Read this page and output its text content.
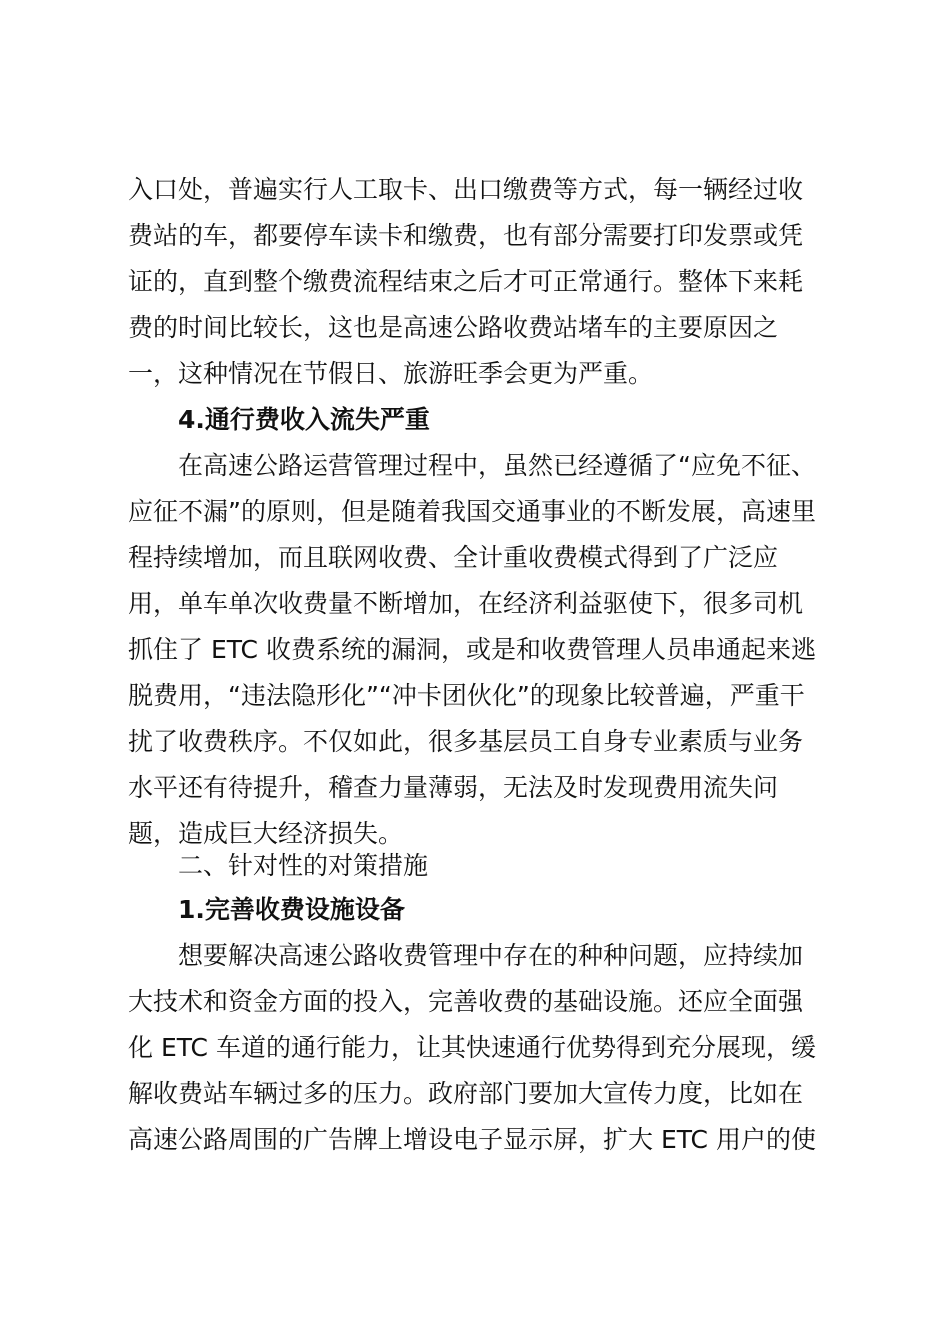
入口处，普遍实行人工取卡、出口缴费等方式，每一辆经过收
费站的车，都要停车读卡和缴费，也有部分需要打印发票或凭
证的，直到整个缴费流程结束之后才可正常通行。整体下来耗
费的时间比较长，这也是高速公路收费站堵车的主要原因之
一，这种情况在节假日、旅游旺季会更为严重。
4.通行费收入流失严重
在高速公路运营管理过程中，虽然已经遵循了“应免不征、
应征不漏”的原则，但是随着我国交通事业的不断发展，高速里
程持续增加，而且联网收费、全计重收费模式得到了广泛应
用，单车单次收费量不断增加，在经济利益驱使下，很多司机
抓住了 ETC 收费系统的漏洞，或是和收费管理人员串通起来逃
脱费用，“违法隐形化”“冲卡团伙化”的现象比较普遍，严重干
扰了收费秩序。不仅如此，很多基层员工自身专业素质与业务
水平还有待提升，稽查力量薄弱，无法及时发现费用流失问
题，造成巨大经济损失。
二、针对性的对策措施
1.完善收费设施设备
想要解决高速公路收费管理中存在的种种问题，应持续加
大技术和资金方面的投入，完善收费的基础设施。还应全面强
化 ETC 车道的通行能力，让其快速通行优势得到充分展现，缓
解收费站车辆过多的压力。政府部门要加大宣传力度，比如在
高速公路周围的广告牌上增设电子显示屏，扩大 ETC 用户的使
